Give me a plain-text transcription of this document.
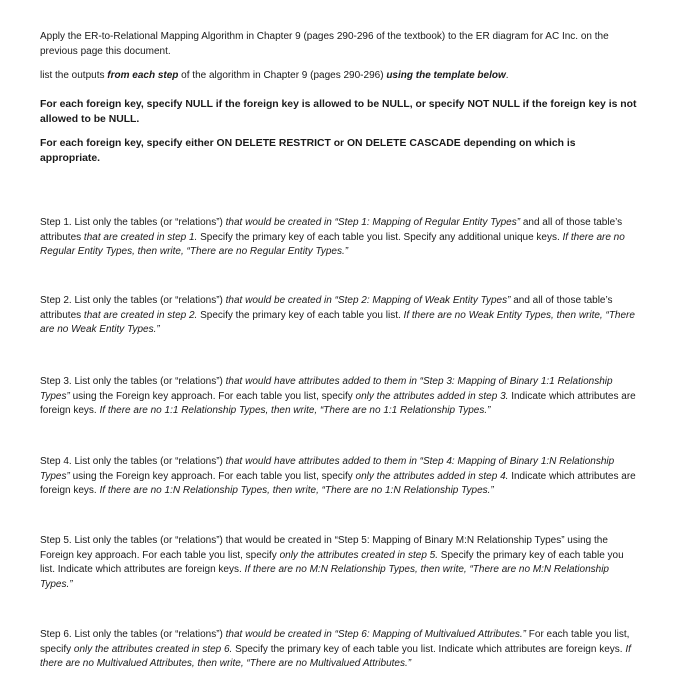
Apply the ER-to-Relational Mapping Algorithm in Chapter 9 (pages 290-296 of the textbook) to the ER diagram for AC Inc. on the previous page this document.

list the outputs from each step of the algorithm in Chapter 9 (pages 290-296) using the template below.

For each foreign key, specify NULL if the foreign key is allowed to be NULL, or specify NOT NULL if the foreign key is not allowed to be NULL.

For each foreign key, specify either ON DELETE RESTRICT or ON DELETE CASCADE depending on which is appropriate.

Step 1. List only the tables (or “relations”) that would be created in “Step 1: Mapping of Regular Entity Types” and all of those table’s attributes that are created in step 1. Specify the primary key of each table you list. Specify any additional unique keys. If there are no Regular Entity Types, then write, “There are no Regular Entity Types.”

Step 2. List only the tables (or “relations”) that would be created in “Step 2: Mapping of Weak Entity Types” and all of those table’s attributes that are created in step 2. Specify the primary key of each table you list. If there are no Weak Entity Types, then write, “There are no Weak Entity Types.”

Step 3. List only the tables (or “relations”) that would have attributes added to them in “Step 3: Mapping of Binary 1:1 Relationship Types” using the Foreign key approach. For each table you list, specify only the attributes added in step 3. Indicate which attributes are foreign keys. If there are no 1:1 Relationship Types, then write, “There are no 1:1 Relationship Types.”

Step 4. List only the tables (or “relations”) that would have attributes added to them in “Step 4: Mapping of Binary 1:N Relationship Types” using the Foreign key approach. For each table you list, specify only the attributes added in step 4. Indicate which attributes are foreign keys. If there are no 1:N Relationship Types, then write, “There are no 1:N Relationship Types.”

Step 5. List only the tables (or “relations”) that would be created in “Step 5: Mapping of Binary M:N Relationship Types” using the Foreign key approach. For each table you list, specify only the attributes created in step 5. Specify the primary key of each table you list. Indicate which attributes are foreign keys. If there are no M:N Relationship Types, then write, “There are no M:N Relationship Types.”

Step 6. List only the tables (or “relations”) that would be created in “Step 6: Mapping of Multivalued Attributes.” For each table you list, specify only the attributes created in step 6. Specify the primary key of each table you list. Indicate which attributes are foreign keys. If there are no Multivalued Attributes, then write, “There are no Multivalued Attributes.”
